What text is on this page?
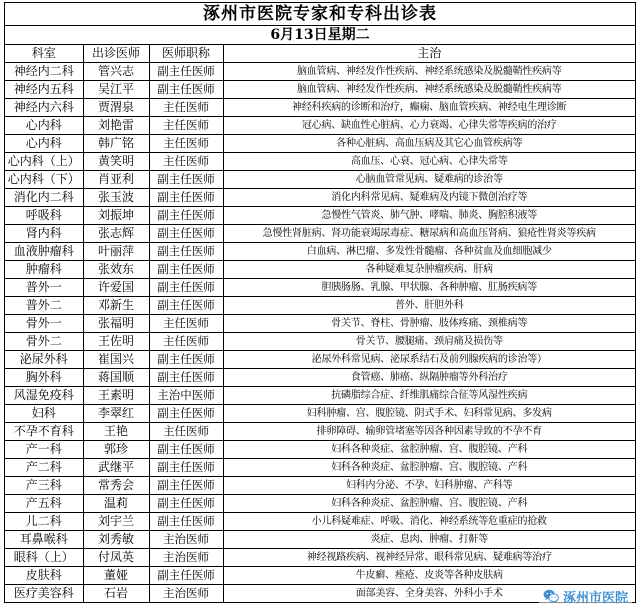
涿州市医院专家和专科出诊表
6月13日星期二
科室	出诊医师	医师职称	主治
神经内二科	管兴志	副主任医师	脑血管病、神经发作性疾病、神经系统感染及脱髓鞘性疾病等
神经内五科	吴江平	副主任医师	脑血管病、神经发作性疾病、神经系统感染及脱髓鞘性疾病等
神经内六科	贾渭泉	主任医师	神经科疾病的诊断和治疗，癫痫、脑血管疾病、神经电生理诊断
心内科	刘艳雷	主任医师	冠心病、缺血性心脏病、心力衰竭、心律失常等疾病的治疗
心内科	韩广铭	主任医师	各种心脏病、高血压病及其它心血管疾病等
心内科（上）	黄笑明	主任医师	高血压、心衰、冠心病、心律失常等
心内科（下）	肖亚利	副主任医师	心脑血管常见病、疑难病的诊治等
消化内二科	张玉波	副主任医师	消化内科常见病、疑难病及内镜下微创治疗等
呼吸科	刘振坤	副主任医师	急慢性气管炎、肺气肿、哮喘、肺炎、胸腔积液等
肾内科	张志辉	副主任医师	急慢性肾脏病、肾功能衰竭尿毒症、糖尿病和高血压肾病、狼疮性肾炎等疾病
血液肿瘤科	叶丽萍	副主任医师	白血病、淋巴瘤、多发性骨髓瘤、各种贫血及血细胞减少
肿瘤科	张效东	副主任医师	各种疑难复杂肿瘤疾病、肝病
普外一	许爱国	副主任医师	胆胰肠肠、乳腺、甲状腺、各种肿瘤、肛肠疾病等
普外二	邓新生	副主任医师	普外、肝胆外科
骨外一	张福明	主任医师	骨关节、脊柱、骨肿瘤、肢体疼痛、颈椎病等
骨外二	王佐明	主任医师	骨关节、腰腿痛、颈肩痛及损伤等
泌尿外科	崔国兴	副主任医师	泌尿外科常见病、泌尿系结石及前列腺疾病的诊治等）
胸外科	蒋国顺	副主任医师	食管癌、肺癌、纵隔肿瘤等外科治疗
风湿免疫科	王素明	主治中医师	抗磷脂综合症、纤维肌痛综合征等风湿性疾病
妇科	李翠红	副主任医师	妇科肿瘤、宫、腹腔镜、阴式手术、妇科常见病、多发病
不孕不育科	王艳	主任医师	排卵障碍、输卵管堵塞等因各种因素导致的不孕不育
产一科	郭珍	副主任医师	妇科各种炎症、盆腔肿瘤、宫、腹腔镜、产科
产二科	武继平	副主任医师	妇科各种炎症、盆腔肿瘤、宫、腹腔镜、产科
产三科	常秀会	副主任医师	妇科内分泌、不孕、妇科肿瘤、产科等
产五科	温莉	副主任医师	妇科各种炎症、盆腔肿瘤、宫、腹腔镜、产科
儿二科	刘宇兰	副主任医师	小儿科疑难症、呼吸、消化、神经系统等危重症的抢救
耳鼻喉科	刘秀敏	主治医师	炎症、息肉、肿瘤、打鼾等
眼科（上）	付凤英	主治医师	神经视路疾病、视神经异常、眼科常见病、疑难病等治疗
皮肤科	董娅	副主任医师	牛皮癣、痤疮、皮炎等各种皮肤病
医疗美容科	石岩	主治医师	面部美容、全身美容、外科小手术	涿州市医院
